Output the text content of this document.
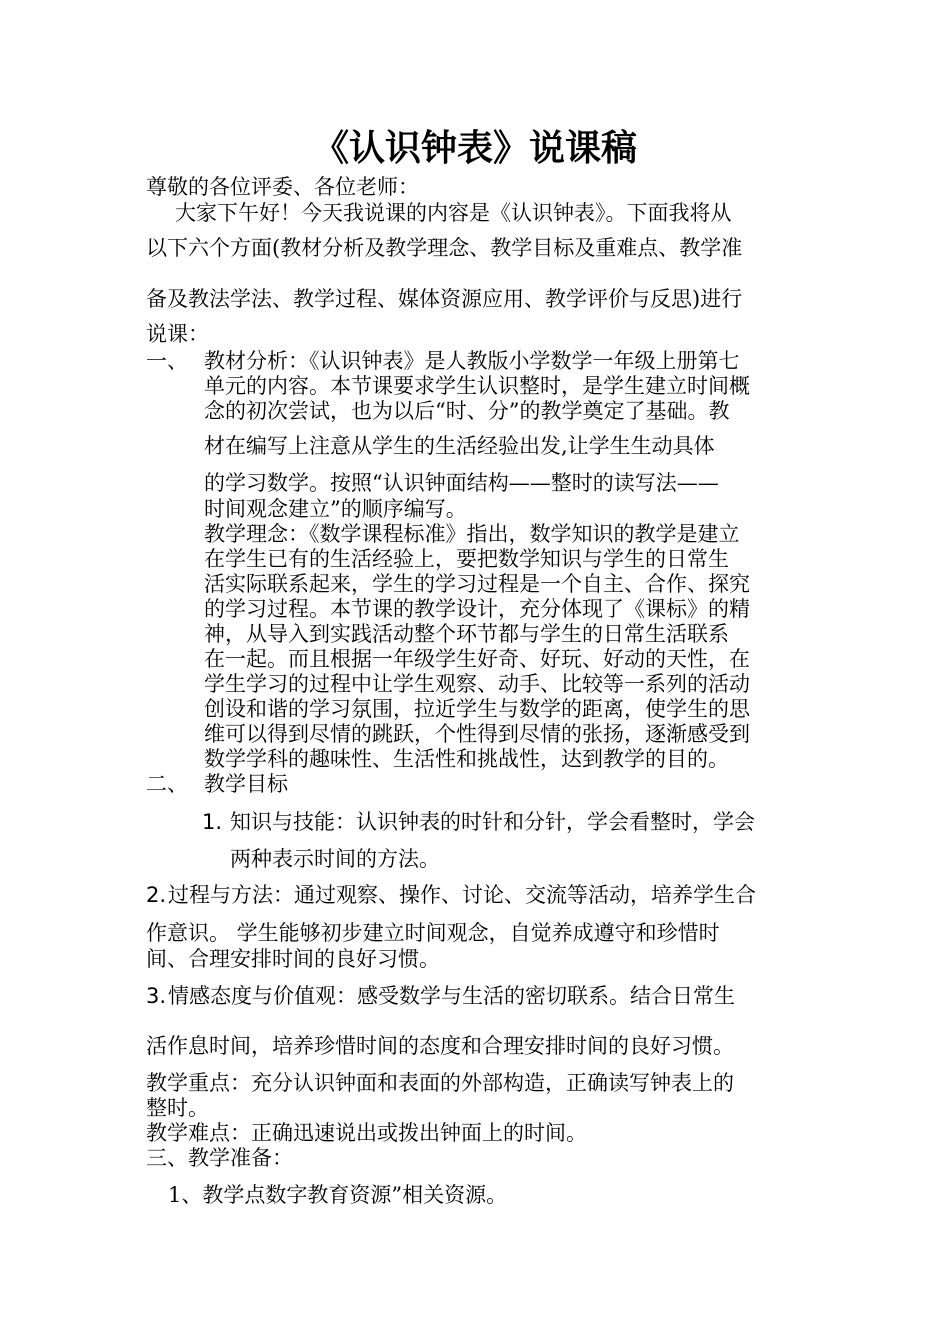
《认识钟表》说课稿
尊敬的各位评委、各位老师：
大家下午好！今天我说课的内容是《认识钟表》。下面我将从
以下六个方面(教材分析及教学理念、教学目标及重难点、教学准
备及教法学法、教学过程、媒体资源应用、教学评价与反思)进行
说课：
一、 教材分析：《认识钟表》是人教版小学数学一年级上册第七
单元的内容。本节课要求学生认识整时，是学生建立时间概
念的初次尝试，也为以后“时、分”的教学奠定了基础。教
材在编写上注意从学生的生活经验出发,让学生生动具体
的学习数学。按照“认识钟面结构——整时的读写法——
时间观念建立”的顺序编写。
教学理念：《数学课程标准》指出，数学知识的教学是建立
在学生已有的生活经验上，要把数学知识与学生的日常生
活实际联系起来，学生的学习过程是一个自主、合作、探究
的学习过程。本节课的教学设计，充分体现了《课标》的精
神，从导入到实践活动整个环节都与学生的日常生活联系
在一起。而且根据一年级学生好奇、好玩、好动的天性，在
学生学习的过程中让学生观察、动手、比较等一系列的活动
创设和谐的学习氛围，拉近学生与数学的距离，使学生的思
维可以得到尽情的跳跃，个性得到尽情的张扬，逐渐感受到
数学学科的趣味性、生活性和挑战性，达到教学的目的。
二、 教学目标
1. 知识与技能：认识钟表的时针和分针，学会看整时，学会
两种表示时间的方法。
2. 过程与方法：通过观察、操作、讨论、交流等活动，培养学生合
作意识。 学生能够初步建立时间观念，自觉养成遵守和珍惜时
间、合理安排时间的良好习惯。
3. 情感态度与价值观：感受数学与生活的密切联系。结合日常生
活作息时间，培养珍惜时间的态度和合理安排时间的良好习惯。
教学重点：充分认识钟面和表面的外部构造，正确读写钟表上的
整时。
教学难点：正确迅速说出或拨出钟面上的时间。
三、教学准备：
1、教学点数字教育资源”相关资源。
